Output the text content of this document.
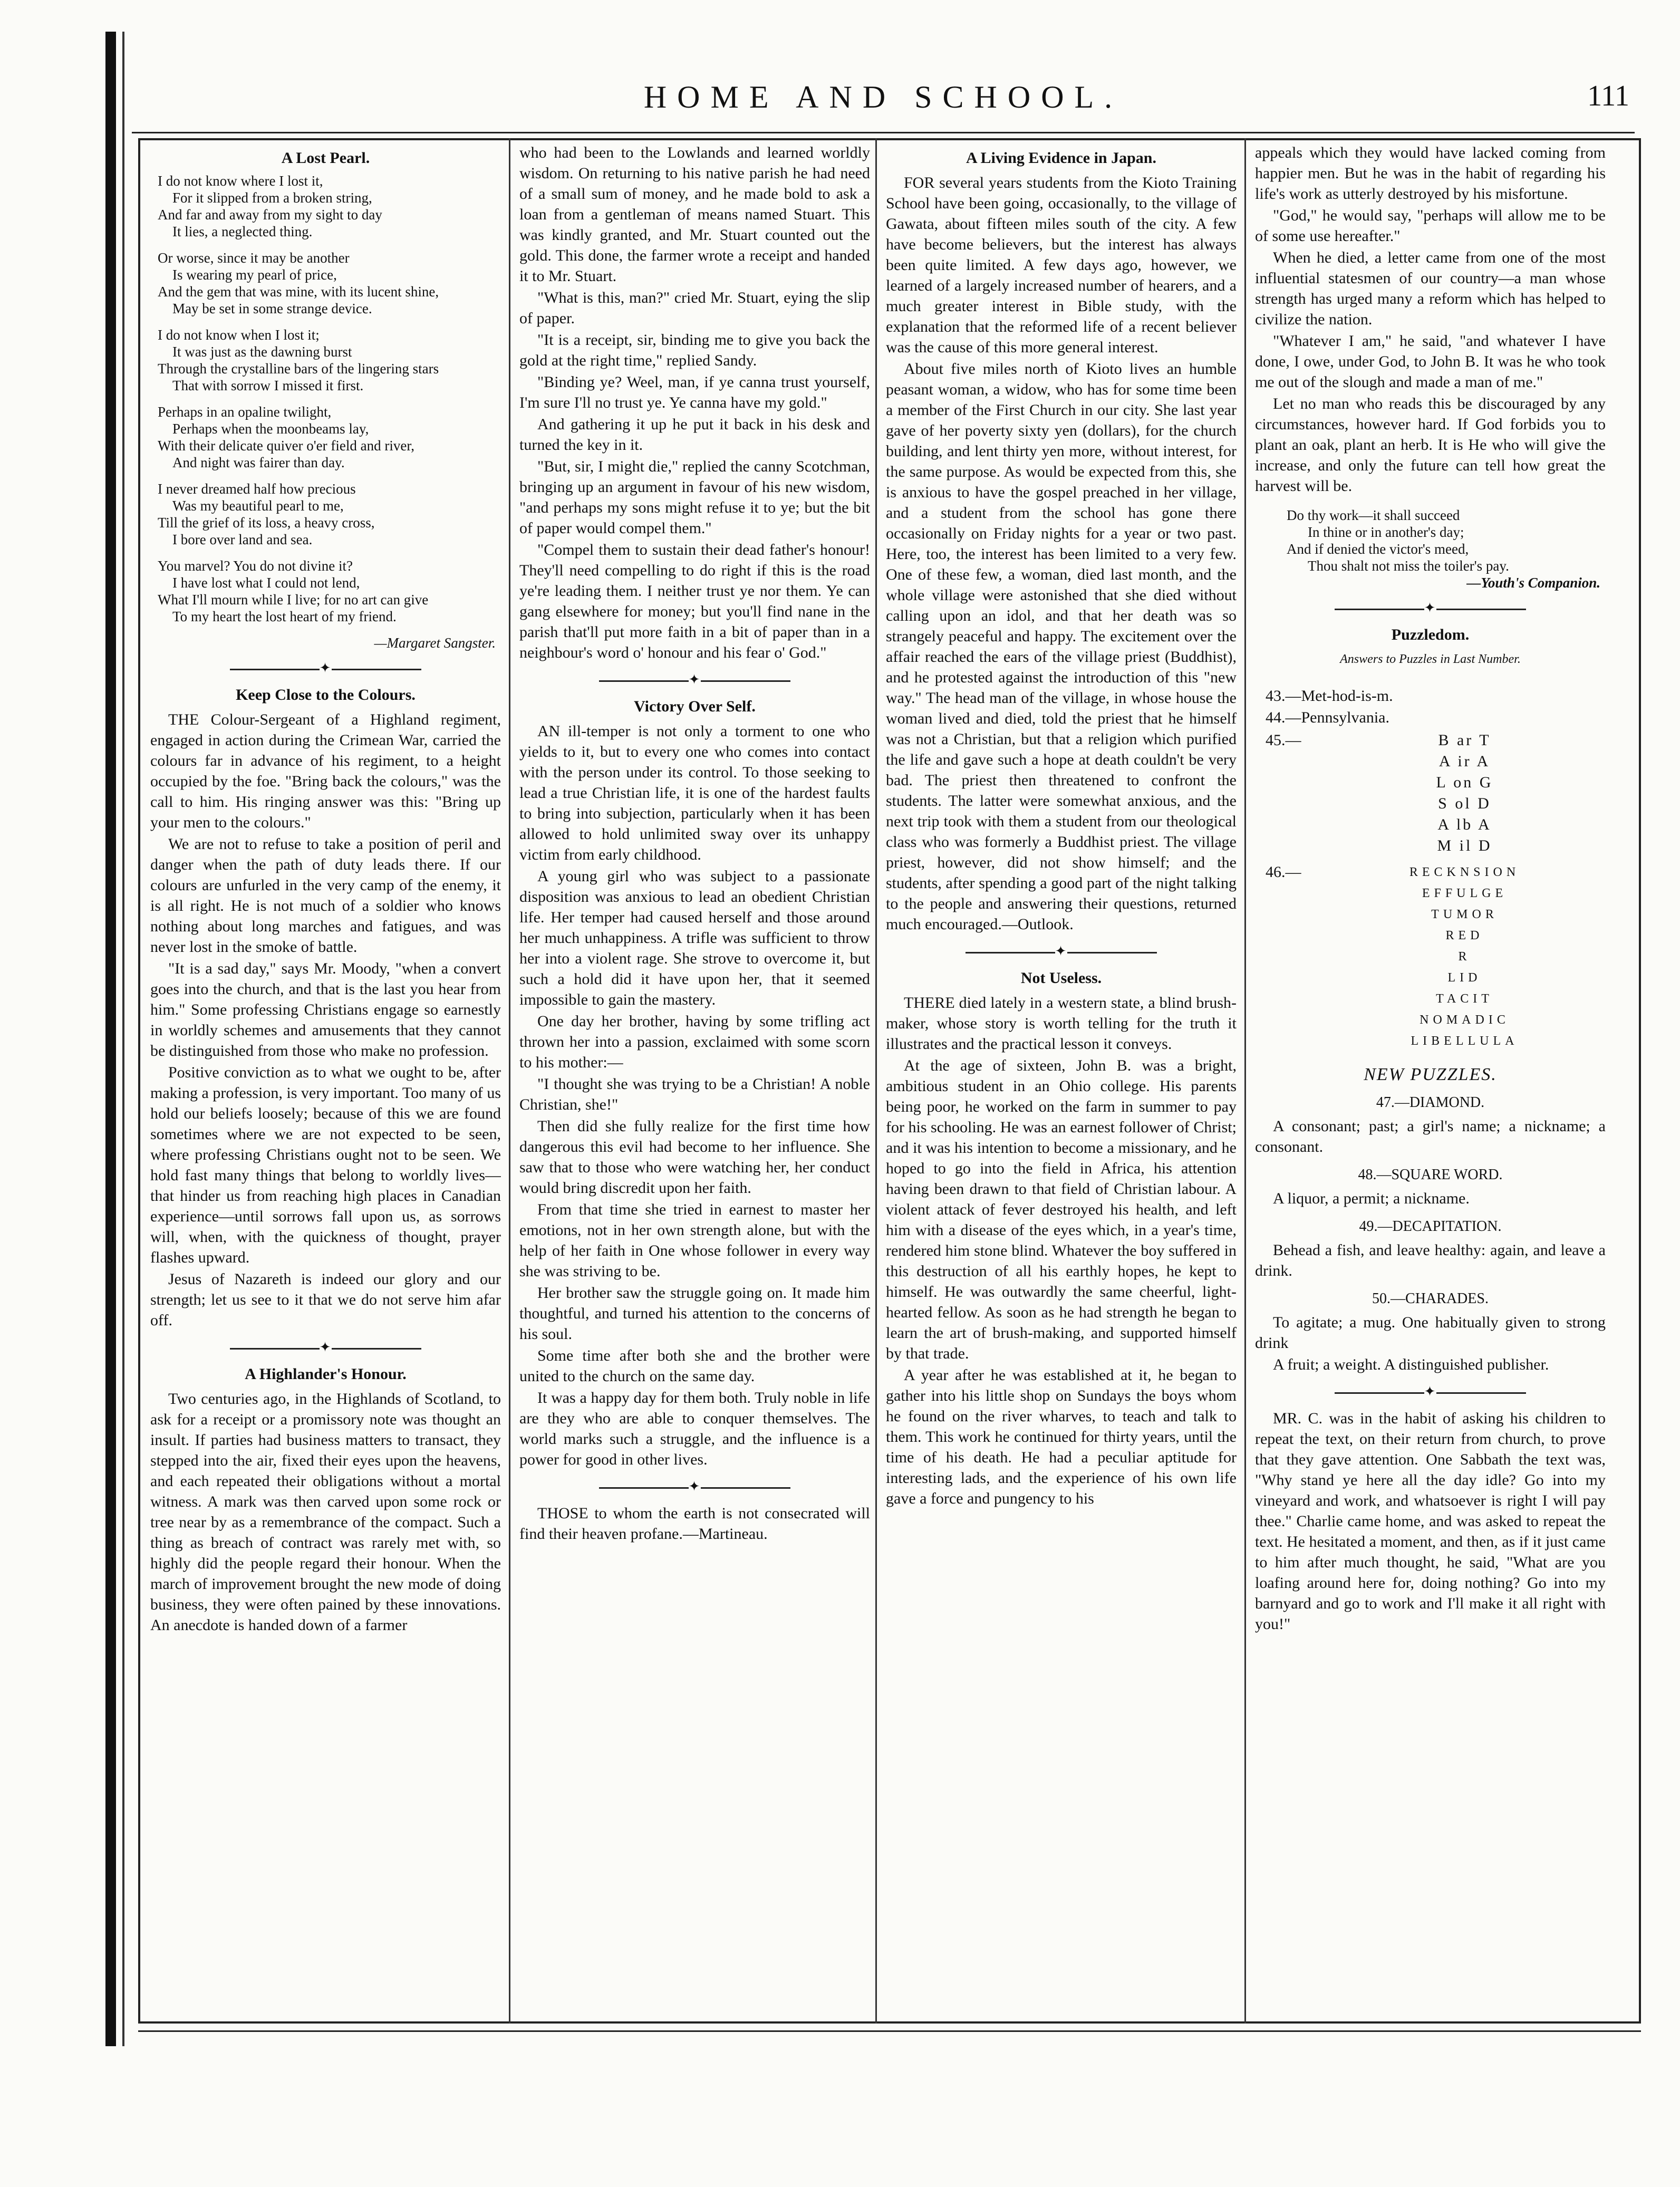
HOME AND SCHOOL.	111
A Lost Pearl.
I do not know where I lost it,
For it slipped from a broken string,
And far and away from my sight to day
It lies, a neglected thing.
Or worse, since it may be another
Is wearing my pearl of price,
And the gem that was mine, with its lucent shine,
May be set in some strange device.
I do not know when I lost it;
It was just as the dawning burst
Through the crystalline bars of the lingering stars
That with sorrow I missed it first.
Perhaps in an opaline twilight,
Perhaps when the moonbeams lay,
With their delicate quiver o'er field and river,
And night was fairer than day.
I never dreamed half how precious
Was my beautiful pearl to me,
Till the grief of its loss, a heavy cross,
I bore over land and sea.
You marvel? You do not divine it?
I have lost what I could not lend,
What I'll mourn while I live; for no art can give
To my heart the lost heart of my friend.
—Margaret Sangster.
✦
Keep Close to the Colours.

THE Colour-Sergeant of a Highland regiment, engaged in action during the Crimean War, carried the colours far in advance of his regiment, to a height occupied by the foe. "Bring back the colours," was the call to him. His ringing answer was this: "Bring up your men to the colours."

We are not to refuse to take a position of peril and danger when the path of duty leads there. If our colours are unfurled in the very camp of the enemy, it is all right. He is not much of a soldier who knows nothing about long marches and fatigues, and was never lost in the smoke of battle.

"It is a sad day," says Mr. Moody, "when a convert goes into the church, and that is the last you hear from him." Some professing Christians engage so earnestly in worldly schemes and amusements that they cannot be distinguished from those who make no profession.

Positive conviction as to what we ought to be, after making a profession, is very important. Too many of us hold our beliefs loosely; because of this we are found sometimes where we are not expected to be seen, where professing Christians ought not to be seen. We hold fast many things that belong to worldly lives—that hinder us from reaching high places in Canadian experience—until sorrows fall upon us, as sorrows will, when, with the quickness of thought, prayer flashes upward.

Jesus of Nazareth is indeed our glory and our strength; let us see to it that we do not serve him afar off.

✦
A Highlander's Honour.

Two centuries ago, in the Highlands of Scotland, to ask for a receipt or a promissory note was thought an insult. If parties had business matters to transact, they stepped into the air, fixed their eyes upon the heavens, and each repeated their obligations without a mortal witness. A mark was then carved upon some rock or tree near by as a remembrance of the compact. Such a thing as breach of contract was rarely met with, so highly did the people regard their honour. When the march of improvement brought the new mode of doing business, they were often pained by these innovations. An anecdote is handed down of a farmer

who had been to the Lowlands and learned worldly wisdom. On returning to his native parish he had need of a small sum of money, and he made bold to ask a loan from a gentleman of means named Stuart. This was kindly granted, and Mr. Stuart counted out the gold. This done, the farmer wrote a receipt and handed it to Mr. Stuart.

"What is this, man?" cried Mr. Stuart, eying the slip of paper.

"It is a receipt, sir, binding me to give you back the gold at the right time," replied Sandy.

"Binding ye? Weel, man, if ye canna trust yourself, I'm sure I'll no trust ye. Ye canna have my gold."

And gathering it up he put it back in his desk and turned the key in it.

"But, sir, I might die," replied the canny Scotchman, bringing up an argument in favour of his new wisdom, "and perhaps my sons might refuse it to ye; but the bit of paper would compel them."

"Compel them to sustain their dead father's honour! They'll need compelling to do right if this is the road ye're leading them. I neither trust ye nor them. Ye can gang elsewhere for money; but you'll find nane in the parish that'll put more faith in a bit of paper than in a neighbour's word o' honour and his fear o' God."

✦
Victory Over Self.

AN ill-temper is not only a torment to one who yields to it, but to every one who comes into contact with the person under its control. To those seeking to lead a true Christian life, it is one of the hardest faults to bring into subjection, particularly when it has been allowed to hold unlimited sway over its unhappy victim from early childhood.

A young girl who was subject to a passionate disposition was anxious to lead an obedient Christian life. Her temper had caused herself and those around her much unhappiness. A trifle was sufficient to throw her into a violent rage. She strove to overcome it, but such a hold did it have upon her, that it seemed impossible to gain the mastery.

One day her brother, having by some trifling act thrown her into a passion, exclaimed with some scorn to his mother:—

"I thought she was trying to be a Christian! A noble Christian, she!"

Then did she fully realize for the first time how dangerous this evil had become to her influence. She saw that to those who were watching her, her conduct would bring discredit upon her faith.

From that time she tried in earnest to master her emotions, not in her own strength alone, but with the help of her faith in One whose follower in every way she was striving to be.

Her brother saw the struggle going on. It made him thoughtful, and turned his attention to the concerns of his soul.

Some time after both she and the brother were united to the church on the same day.

It was a happy day for them both. Truly noble in life are they who are able to conquer themselves. The world marks such a struggle, and the influence is a power for good in other lives.

✦

THOSE to whom the earth is not consecrated will find their heaven profane.—Martineau.

A Living Evidence in Japan.

FOR several years students from the Kioto Training School have been going, occasionally, to the village of Gawata, about fifteen miles south of the city. A few have become believers, but the interest has always been quite limited. A few days ago, however, we learned of a largely increased number of hearers, and a much greater interest in Bible study, with the explanation that the reformed life of a recent believer was the cause of this more general interest.

About five miles north of Kioto lives an humble peasant woman, a widow, who has for some time been a member of the First Church in our city. She last year gave of her poverty sixty yen (dollars), for the church building, and lent thirty yen more, without interest, for the same purpose. As would be expected from this, she is anxious to have the gospel preached in her village, and a student from the school has gone there occasionally on Friday nights for a year or two past. Here, too, the interest has been limited to a very few. One of these few, a woman, died last month, and the whole village were astonished that she died without calling upon an idol, and that her death was so strangely peaceful and happy. The excitement over the affair reached the ears of the village priest (Buddhist), and he protested against the introduction of this "new way." The head man of the village, in whose house the woman lived and died, told the priest that he himself was not a Christian, but that a religion which purified the life and gave such a hope at death couldn't be very bad. The priest then threatened to confront the students. The latter were somewhat anxious, and the next trip took with them a student from our theological class who was formerly a Buddhist priest. The village priest, however, did not show himself; and the students, after spending a good part of the night talking to the people and answering their questions, returned much encouraged.—Outlook.

✦
Not Useless.

THERE died lately in a western state, a blind brush-maker, whose story is worth telling for the truth it illustrates and the practical lesson it conveys.

At the age of sixteen, John B. was a bright, ambitious student in an Ohio college. His parents being poor, he worked on the farm in summer to pay for his schooling. He was an earnest follower of Christ; and it was his intention to become a missionary, and he hoped to go into the field in Africa, his attention having been drawn to that field of Christian labour. A violent attack of fever destroyed his health, and left him with a disease of the eyes which, in a year's time, rendered him stone blind. Whatever the boy suffered in this destruction of all his earthly hopes, he kept to himself. He was outwardly the same cheerful, light-hearted fellow. As soon as he had strength he began to learn the art of brush-making, and supported himself by that trade.

A year after he was established at it, he began to gather into his little shop on Sundays the boys whom he found on the river wharves, to teach and talk to them. This work he continued for thirty years, until the time of his death. He had a peculiar aptitude for interesting lads, and the experience of his own life gave a force and pungency to his

appeals which they would have lacked coming from happier men. But he was in the habit of regarding his life's work as utterly destroyed by his misfortune.

"God," he would say, "perhaps will allow me to be of some use hereafter."

When he died, a letter came from one of the most influential statesmen of our country—a man whose strength has urged many a reform which has helped to civilize the nation.

"Whatever I am," he said, "and whatever I have done, I owe, under God, to John B. It was he who took me out of the slough and made a man of me."

Let no man who reads this be discouraged by any circumstances, however hard. If God forbids you to plant an oak, plant an herb. It is He who will give the increase, and only the future can tell how great the harvest will be.

Do thy work—it shall succeed
In thine or in another's day;
And if denied the victor's meed,
Thou shalt not miss the toiler's pay.
—Youth's Companion.
✦
Puzzledom.
Answers to Puzzles in Last Number.

43.—Met-hod-is-m.

44.—Pennsylvania.

45.—	B ar T
A ir A
L on G
S ol D
A lb A
M il D
46.—	RECKNSION
EFFULGE
TUMOR
RED
R
LID
TACIT
NOMADIC
LIBELLULA
NEW PUZZLES.
47.—DIAMOND.

A consonant; past; a girl's name; a nickname; a consonant.

48.—SQUARE WORD.

A liquor, a permit; a nickname.

49.—DECAPITATION.

Behead a fish, and leave healthy: again, and leave a drink.

50.—CHARADES.

To agitate; a mug. One habitually given to strong drink

A fruit; a weight. A distinguished publisher.

✦

MR. C. was in the habit of asking his children to repeat the text, on their return from church, to prove that they gave attention. One Sabbath the text was, "Why stand ye here all the day idle? Go into my vineyard and work, and whatsoever is right I will pay thee." Charlie came home, and was asked to repeat the text. He hesitated a moment, and then, as if it just came to him after much thought, he said, "What are you loafing around here for, doing nothing? Go into my barnyard and go to work and I'll make it all right with you!"
